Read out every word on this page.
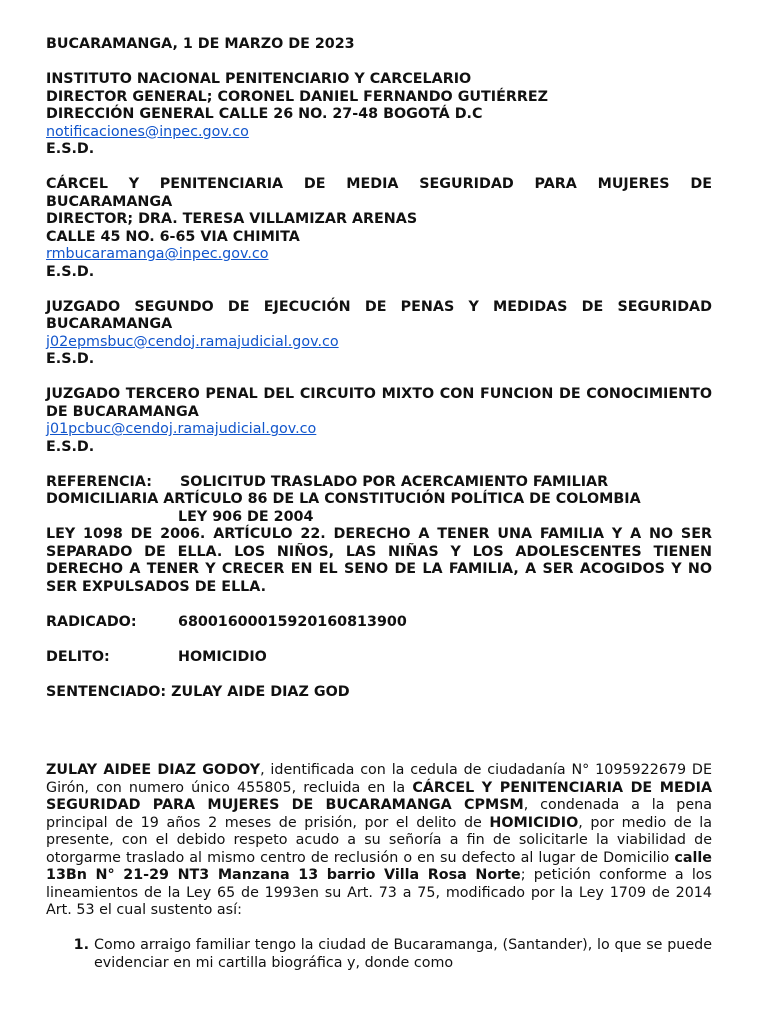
BUCARAMANGA, 1 DE MARZO DE 2023

INSTITUTO NACIONAL PENITENCIARIO Y CARCELARIO

DIRECTOR GENERAL; CORONEL DANIEL FERNANDO GUTIÉRREZ

DIRECCIÓN GENERAL CALLE 26 NO. 27-48 BOGOTÁ D.C

notificaciones@inpec.gov.co

E.S.D.

CÁRCEL Y PENITENCIARIA DE MEDIA SEGURIDAD PARA MUJERES DE BUCARAMANGA

DIRECTOR; DRA. TERESA VILLAMIZAR ARENAS

CALLE 45 NO. 6-65 VIA CHIMITA

rmbucaramanga@inpec.gov.co

E.S.D.

JUZGADO SEGUNDO DE EJECUCIÓN DE PENAS Y MEDIDAS DE SEGURIDAD BUCARAMANGA

j02epmsbuc@cendoj.ramajudicial.gov.co

E.S.D.

JUZGADO TERCERO PENAL DEL CIRCUITO MIXTO CON FUNCION DE CONOCIMIENTO DE BUCARAMANGA

j01pcbuc@cendoj.ramajudicial.gov.co

E.S.D.

REFERENCIA: SOLICITUD TRASLADO POR ACERCAMIENTO FAMILIAR

DOMICILIARIA ARTÍCULO 86 DE LA CONSTITUCIÓN POLÍTICA DE COLOMBIA

LEY 906 DE 2004

LEY 1098 DE 2006. ARTÍCULO 22. DERECHO A TENER UNA FAMILIA Y A NO SER SEPARADO DE ELLA. LOS NIÑOS, LAS NIÑAS Y LOS ADOLESCENTES TIENEN DERECHO A TENER Y CRECER EN EL SENO DE LA FAMILIA, A SER ACOGIDOS Y NO SER EXPULSADOS DE ELLA.

RADICADO:	68001600015920160813900

DELITO:	HOMICIDIO

SENTENCIADO: ZULAY AIDE DIAZ GOD

ZULAY AIDEE DIAZ GODOY, identificada con la cedula de ciudadanía N° 1095922679 DE Girón, con numero único 455805, recluida en la CÁRCEL Y PENITENCIARIA DE MEDIA SEGURIDAD PARA MUJERES DE BUCARAMANGA CPMSM, condenada a la pena principal de 19 años 2 meses de prisión, por el delito de HOMICIDIO, por medio de la presente, con el debido respeto acudo a su señoría a fin de solicitarle la viabilidad de otorgarme traslado al mismo centro de reclusión o en su defecto al lugar de Domicilio calle 13Bn N° 21-29 NT3 Manzana 13 barrio Villa Rosa Norte; petición conforme a los lineamientos de la Ley 65 de 1993en su Art. 73 a 75, modificado por la Ley 1709 de 2014 Art. 53 el cual sustento así:

1. Como arraigo familiar tengo la ciudad de Bucaramanga, (Santander), lo que se puede evidenciar en mi cartilla biográfica y, donde como
